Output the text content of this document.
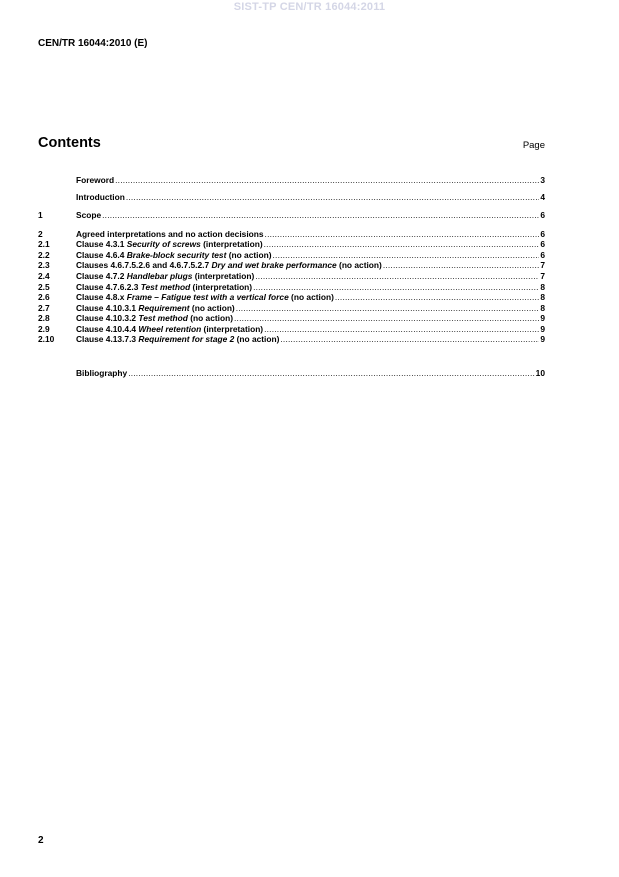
SIST-TP CEN/TR 16044:2011
CEN/TR 16044:2010 (E)
Contents	Page
Foreword .....	3
Introduction .....	4
1	Scope .....	6
2	Agreed interpretations and no action decisions .....	6
2.1	Clause 4.3.1 Security of screws (interpretation) .....	6
2.2	Clause 4.6.4 Brake-block security test (no action) .....	6
2.3	Clauses 4.6.7.5.2.6 and 4.6.7.5.2.7 Dry and wet brake performance (no action) .....	7
2.4	Clause 4.7.2 Handlebar plugs (interpretation) .....	7
2.5	Clause 4.7.6.2.3 Test method (interpretation) .....	8
2.6	Clause 4.8.x Frame – Fatigue test with a vertical force (no action) .....	8
2.7	Clause 4.10.3.1 Requirement (no action) .....	8
2.8	Clause 4.10.3.2 Test method (no action) .....	9
2.9	Clause 4.10.4.4 Wheel retention (interpretation) .....	9
2.10	Clause 4.13.7.3 Requirement for stage 2 (no action) .....	9
Bibliography .....	10
2
